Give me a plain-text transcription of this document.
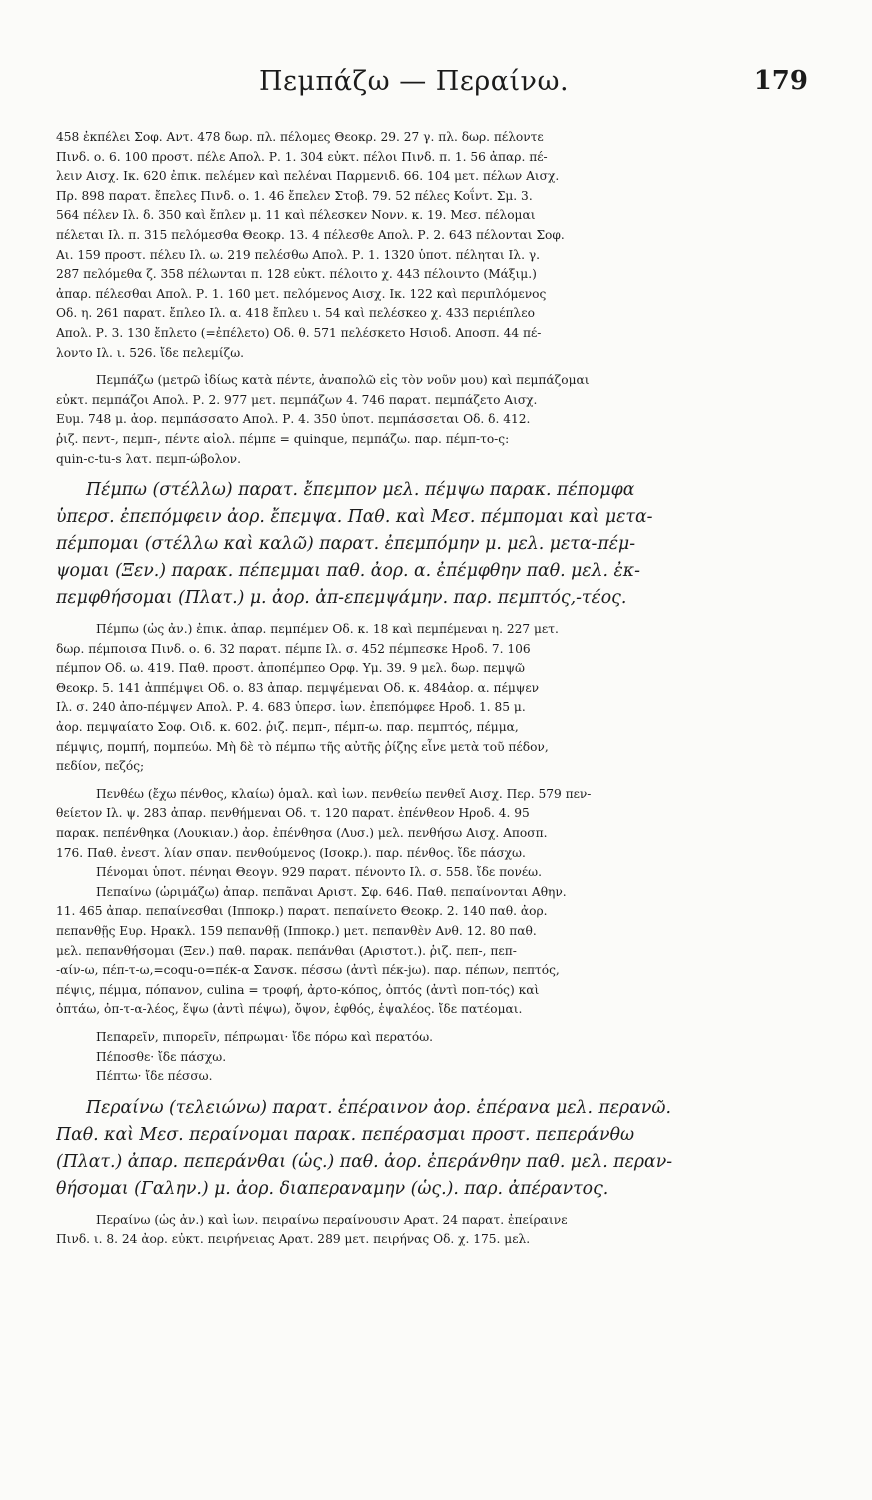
Πεμπάζω — Περαίνω.	179
458 ἐκπέλει Σοφ. Αντ. 478 δωρ. πλ. πέλομες Θεοκρ. 29. 27 γ. πλ. δωρ. πέλοντε
Πινδ. ο. 6. 100 προστ. πέλε Απολ. Ρ. 1. 304 εὐκτ. πέλοι Πινδ. π. 1. 56 ἀπαρ. πέ-
λειν Αισχ. Ικ. 620 ἐπικ. πελέμεν καὶ πελέναι Παρμενιδ. 66. 104 μετ. πέλων Αισχ.
Πρ. 898 παρατ. ἔπελες Πινδ. ο. 1. 46 ἔπελεν Στοβ. 79. 52 πέλες Κοΐντ. Σμ. 3.
564 πέλεν Ιλ. δ. 350 καὶ ἔπλεν μ. 11 καὶ πέλεσκεν Νονν. κ. 19. Μεσ. πέλομαι
πέλεται Ιλ. π. 315 πελόμεσθα Θεοκρ. 13. 4 πέλεσθε Απολ. Ρ. 2. 643 πέλονται Σοφ.
Αι. 159 προστ. πέλευ Ιλ. ω. 219 πελέσθω Απολ. Ρ. 1. 1320 ὑποτ. πέληται Ιλ. γ.
287 πελόμεθα ζ. 358 πέλωνται π. 128 εὐκτ. πέλοιτο χ. 443 πέλοιντο (Μάξιμ.)
ἀπαρ. πέλεσθαι Απολ. Ρ. 1. 160 μετ. πελόμενος Αισχ. Ικ. 122 καὶ περιπλόμενος
Οδ. η. 261 παρατ. ἔπλεο Ιλ. α. 418 ἔπλευ ι. 54 καὶ πελέσκεο χ. 433 περιέπλεο
Απολ. Ρ. 3. 130 ἔπλετο (=ἐπέλετο) Οδ. θ. 571 πελέσκετο Ησιοδ. Αποσπ. 44 πέ-
λοντο Ιλ. ι. 526. ἴδε πελεμίζω.
Πεμπάζω (μετρῶ ἰδίως κατὰ πέντε, ἀναπολῶ εἰς τὸν νοῦν μου) καὶ πεμπάζομαι
εὐκτ. πεμπάζοι Απολ. Ρ. 2. 977 μετ. πεμπάζων 4. 746 παρατ. πεμπάζετο Αισχ.
Ευμ. 748 μ. ἀορ. πεμπάσσατο Απολ. Ρ. 4. 350 ὑποτ. πεμπάσσεται Οδ. δ. 412.
ῥιζ. πεντ-, πεμπ-, πέντε αἰολ. πέμπε = quinque, πεμπάζω. παρ. πέμπ-το-ς:
quin-c-tu-s λατ. πεμπ-ώβολον.
Πέμπω (στέλλω) παρατ. ἔπεμπον μελ. πέμψω παρακ. πέπομφα
ὑπερσ. ἐπεπόμφειν ἀορ. ἔπεμψα. Παθ. καὶ Μεσ. πέμπομαι καὶ μετα-
πέμπομαι (στέλλω καὶ καλῶ) παρατ. ἐπεμπόμην μ. μελ. μετα-πέμ-
ψομαι (Ξεν.) παρακ. πέπεμμαι παθ. ἀορ. α. ἐπέμφθην παθ. μελ. ἐκ-
πεμφθήσομαι (Πλατ.) μ. ἀορ. ἀπ-επεμψάμην. παρ. πεμπτός,-τέος.
Πέμπω (ὡς ἀν.) ἐπικ. ἀπαρ. πεμπέμεν Οδ. κ. 18 καὶ πεμπέμεναι η. 227 μετ.
δωρ. πέμποισα Πινδ. ο. 6. 32 παρατ. πέμπε Ιλ. σ. 452 πέμπεσκε Ηροδ. 7. 106
πέμπον Οδ. ω. 419. Παθ. προστ. ἀποπέμπεο Ορφ. Υμ. 39. 9 μελ. δωρ. πεμψῶ
Θεοκρ. 5. 141 ἀππέμψει Οδ. ο. 83 ἀπαρ. πεμψέμεναι Οδ. κ. 484ἀορ. α. πέμψεν
Ιλ. σ. 240 ἀπο-πέμψεν Απολ. Ρ. 4. 683 ὑπερσ. ἰων. ἐπεπόμφεε Ηροδ. 1. 85 μ.
ἀορ. πεμψαίατο Σοφ. Οιδ. κ. 602. ῥιζ. πεμπ-, πέμπ-ω. παρ. πεμπτός, πέμμα,
πέμψις, πομπή, πομπεύω. Μὴ δὲ τὸ πέμπω τῆς αὐτῆς ῥίζης εἶνε μετὰ τοῦ πέδον,
πεδίον, πεζός;
Πενθέω (ἔχω πένθος, κλαίω) ὁμαλ. καὶ ἰων. πενθείω πενθεῖ Αισχ. Περ. 579 πεν-
θείετον Ιλ. ψ. 283 ἀπαρ. πενθήμεναι Οδ. τ. 120 παρατ. ἐπένθεον Ηροδ. 4. 95
παρακ. πεπένθηκα (Λουκιαν.) ἀορ. ἐπένθησα (Λυσ.) μελ. πενθήσω Αισχ. Αποσπ.
176. Παθ. ἐνεστ. λίαν σπαν. πενθούμενος (Ισοκρ.). παρ. πένθος. ἴδε πάσχω.
Πένομαι ὑποτ. πένηαι Θεογν. 929 παρατ. πένοντο Ιλ. σ. 558. ἴδε πονέω.
Πεπαίνω (ὡριμάζω) ἀπαρ. πεπᾶναι Αριστ. Σφ. 646. Παθ. πεπαίνονται Αθην.
11. 465 ἀπαρ. πεπαίνεσθαι (Ιπποκρ.) παρατ. πεπαίνετο Θεοκρ. 2. 140 παθ. ἀορ.
πεπανθῇς Ευρ. Ηρακλ. 159 πεπανθῇ (Ιπποκρ.) μετ. πεπανθὲν Ανθ. 12. 80 παθ.
μελ. πεπανθήσομαι (Ξεν.) παθ. παρακ. πεπάνθαι (Αριστοτ.). ῥιζ. πεπ-, πεπ-
-αίν-ω, πέπ-τ-ω,=coqu-o=πέκ-α Σανσκ. πέσσω (ἀντὶ πέκ-jω). παρ. πέπων, πεπτός,
πέψις, πέμμα, πόπανον, culina = τροφή, ἀρτο-κόπος, ὀπτός (ἀντὶ ποπ-τός) καὶ
ὀπτάω, ὀπ-τ-α-λέος, ἕψω (ἀντὶ πέψω), ὄψον, ἑφθός, ἑψαλέος. ἴδε πατέομαι.
Πεπαρεῖν, πιπορεῖν, πέπρωμαι· ἴδε πόρω καὶ περατόω.
Πέποσθε· ἴδε πάσχω.
Πέπτω· ἴδε πέσσω.
Περαίνω (τελειώνω) παρατ. ἐπέραινον ἀορ. ἐπέρανα μελ. περανῶ.
Παθ. καὶ Μεσ. περαίνομαι παρακ. πεπέρασμαι προστ. πεπεράνθω
(Πλατ.) ἀπαρ. πεπεράνθαι (ὡς.) παθ. ἀορ. ἐπεράνθην παθ. μελ. περαν-
θήσομαι (Γαλην.) μ. ἀορ. διαπεραναμην (ὡς.). παρ. ἀπέραντος.
Περαίνω (ὡς ἀν.) καὶ ἰων. πειραίνω περαίνουσιν Αρατ. 24 παρατ. ἐπείραινε
Πινδ. ι. 8. 24 ἀορ. εὐκτ. πειρήνειας Αρατ. 289 μετ. πειρήνας Οδ. χ. 175. μελ.
